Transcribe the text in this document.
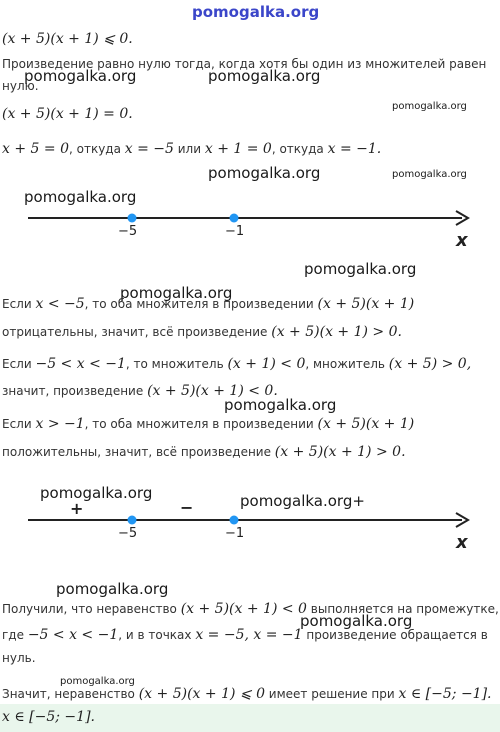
pomogalka.org
(x + 5)(x + 1) ⩽ 0.
Произведение равно нулю тогда, когда хотя бы один из множителей равен
нулю.
pomogalka.org	pomogalka.org
(x + 5)(x + 1) = 0.	pomogalka.org
x + 5 = 0, откуда x = −5 или x + 1 = 0, откуда x = −1.
pomogalka.org	pomogalka.org
pomogalka.org
−5	−1	x
pomogalka.org
pomogalka.org
Если x < −5, то оба множителя в произведении (x + 5)(x + 1)
отрицательны, значит, всё произведение (x + 5)(x + 1) > 0.
Если −5 < x < −1, то множитель (x + 1) < 0, множитель (x + 5) > 0,
значит, произведение (x + 5)(x + 1) < 0.
pomogalka.org
Если x > −1, то оба множителя в произведении (x + 5)(x + 1)
положительны, значит, всё произведение (x + 5)(x + 1) > 0.
pomogalka.org	pomogalka.org+
+	−
−5	−1	x
pomogalka.org
Получили, что неравенство (x + 5)(x + 1) < 0 выполняется на промежутке,
где −5 < x < −1, и в точках x = −5, x = −1 произведение обращается в
pomogalka.org
нуль.
pomogalka.org
Значит, неравенство (x + 5)(x + 1) ⩽ 0 имеет решение при x ∈ [−5; −1].
x ∈ [−5; −1].
